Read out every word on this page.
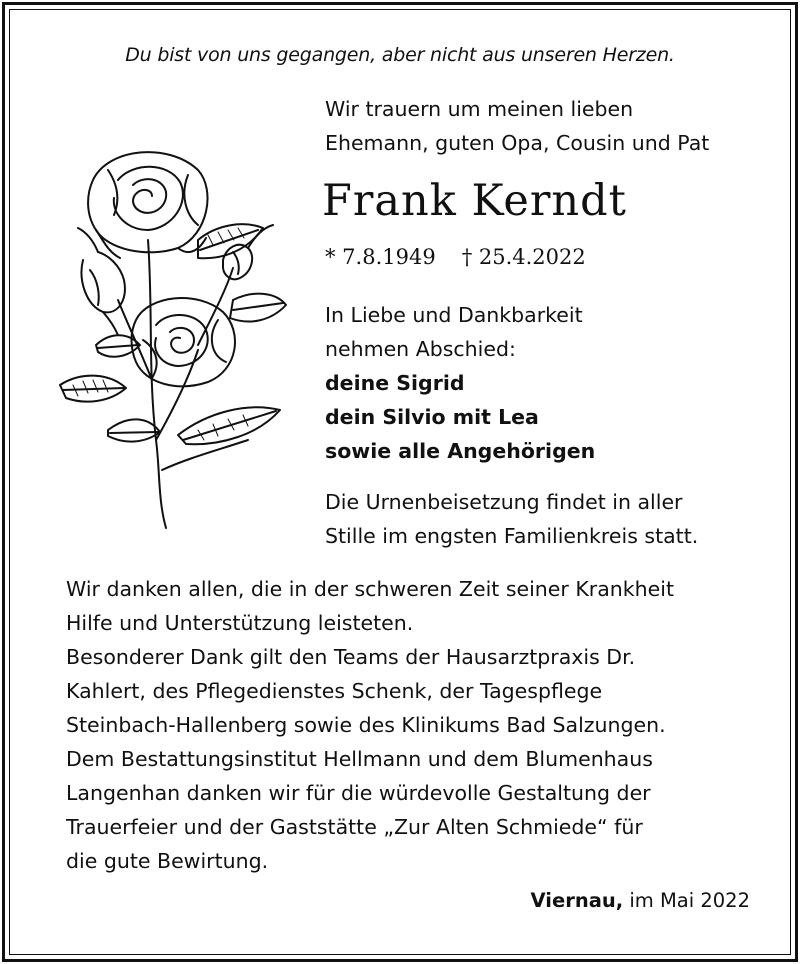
Du bist von uns gegangen, aber nicht aus unseren Herzen.
Wir trauern um meinen lieben
Ehemann, guten Opa, Cousin und Pat
Frank Kerndt
* 7.8.1949 † 25.4.2022
In Liebe und Dankbarkeit
nehmen Abschied:
deine Sigrid
dein Silvio mit Lea
sowie alle Angehörigen
Die Urnenbeisetzung findet in aller
Stille im engsten Familienkreis statt.
Wir danken allen, die in der schweren Zeit seiner Krankheit
Hilfe und Unterstützung leisteten.
Besonderer Dank gilt den Teams der Hausarztpraxis Dr.
Kahlert, des Pflegedienstes Schenk, der Tagespflege
Steinbach-Hallenberg sowie des Klinikums Bad Salzungen.
Dem Bestattungsinstitut Hellmann und dem Blumenhaus
Langenhan danken wir für die würdevolle Gestaltung der
Trauerfeier und der Gaststätte „Zur Alten Schmiede“ für
die gute Bewirtung.
Viernau, im Mai 2022
